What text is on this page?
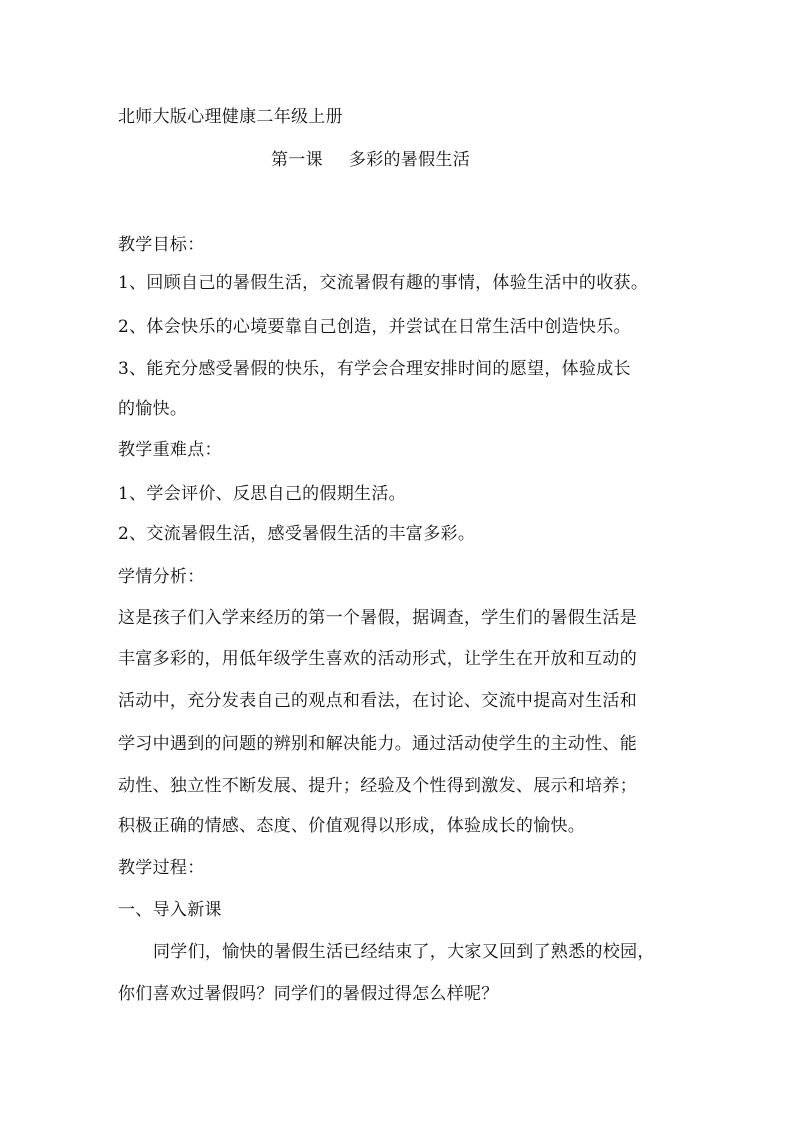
北师大版心理健康二年级上册
第一课 多彩的暑假生活
教学目标：
1、回顾自己的暑假生活，交流暑假有趣的事情，体验生活中的收获。
2、体会快乐的心境要靠自己创造，并尝试在日常生活中创造快乐。
3、能充分感受暑假的快乐，有学会合理安排时间的愿望，体验成长
的愉快。
教学重难点：
1、学会评价、反思自己的假期生活。
2、交流暑假生活，感受暑假生活的丰富多彩。
学情分析：
这是孩子们入学来经历的第一个暑假，据调查，学生们的暑假生活是
丰富多彩的，用低年级学生喜欢的活动形式，让学生在开放和互动的
活动中，充分发表自己的观点和看法，在讨论、交流中提高对生活和
学习中遇到的问题的辨别和解决能力。通过活动使学生的主动性、能
动性、独立性不断发展、提升；经验及个性得到激发、展示和培养；
积极正确的情感、态度、价值观得以形成，体验成长的愉快。
教学过程：
一、导入新课
同学们，愉快的暑假生活已经结束了，大家又回到了熟悉的校园，
你们喜欢过暑假吗？同学们的暑假过得怎么样呢？
